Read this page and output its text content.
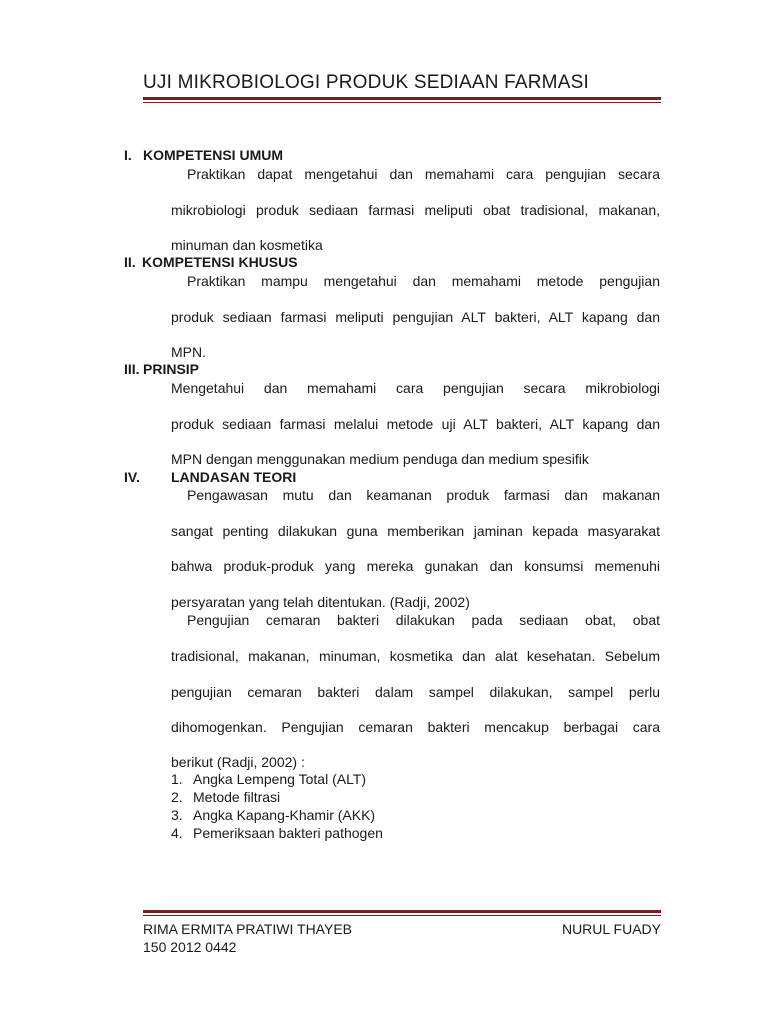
UJI MIKROBIOLOGI PRODUK SEDIAAN FARMASI
I. KOMPETENSI UMUM
Praktikan dapat mengetahui dan memahami cara pengujian secara
mikrobiologi produk sediaan farmasi meliputi obat tradisional, makanan,
minuman dan kosmetika
II. KOMPETENSI KHUSUS
Praktikan mampu mengetahui dan memahami metode pengujian
produk sediaan farmasi meliputi pengujian ALT bakteri, ALT kapang dan
MPN.
III. PRINSIP
Mengetahui dan memahami cara pengujian secara mikrobiologi
produk sediaan farmasi melalui metode uji ALT bakteri, ALT kapang dan
MPN dengan menggunakan medium penduga dan medium spesifik
IV. LANDASAN TEORI
Pengawasan mutu dan keamanan produk farmasi dan makanan
sangat penting dilakukan guna memberikan jaminan kepada masyarakat
bahwa produk-produk yang mereka gunakan dan konsumsi memenuhi
persyaratan yang telah ditentukan. (Radji, 2002)
Pengujian cemaran bakteri dilakukan pada sediaan obat, obat
tradisional, makanan, minuman, kosmetika dan alat kesehatan. Sebelum
pengujian cemaran bakteri dalam sampel dilakukan, sampel perlu
dihomogenkan. Pengujian cemaran bakteri mencakup berbagai cara
berikut (Radji, 2002) :
1. Angka Lempeng Total (ALT)
2. Metode filtrasi
3. Angka Kapang-Khamir (AKK)
4. Pemeriksaan bakteri pathogen
RIMA ERMITA PRATIWI THAYEB
150 2012 0442
NURUL FUADY
